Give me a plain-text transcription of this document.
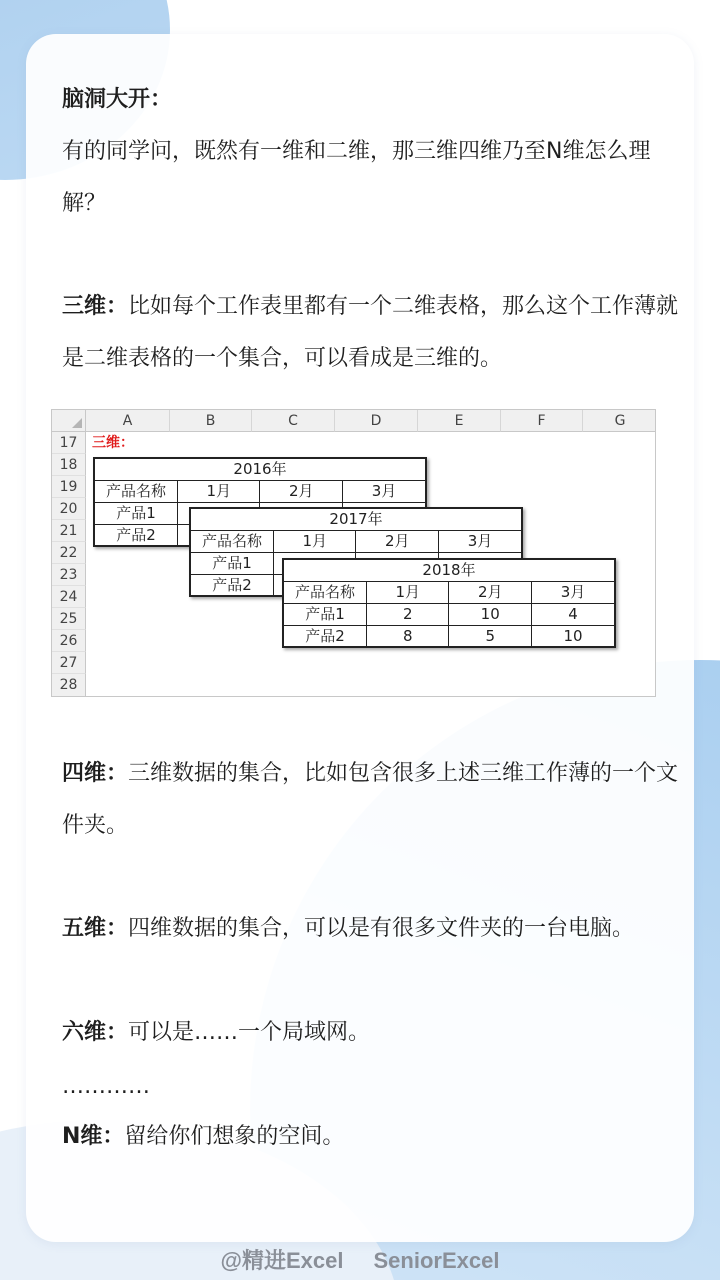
脑洞大开：
有的同学问，既然有一维和二维，那三维四维乃至N维怎么理解？
三维：比如每个工作表里都有一个二维表格，那么这个工作薄就是二维表格的一个集合，可以看成是三维的。
A	B	C	D	E	F	G
17
18
19
20
21
22
23
24
25
26
27
28
三维：
2016年			
产品名称	1月	2月	3月
产品1			
产品2			
2017年			
产品名称	1月	2月	3月
产品1			
产品2			
2018年			
产品名称	1月	2月	3月
产品1	2	10	4
产品2	8	5	10
四维：三维数据的集合，比如包含很多上述三维工作薄的一个文件夹。
五维：四维数据的集合，可以是有很多文件夹的一台电脑。
六维：可以是……一个局域网。
…………
N维：留给你们想象的空间。
@精进Excel SeniorExcel
